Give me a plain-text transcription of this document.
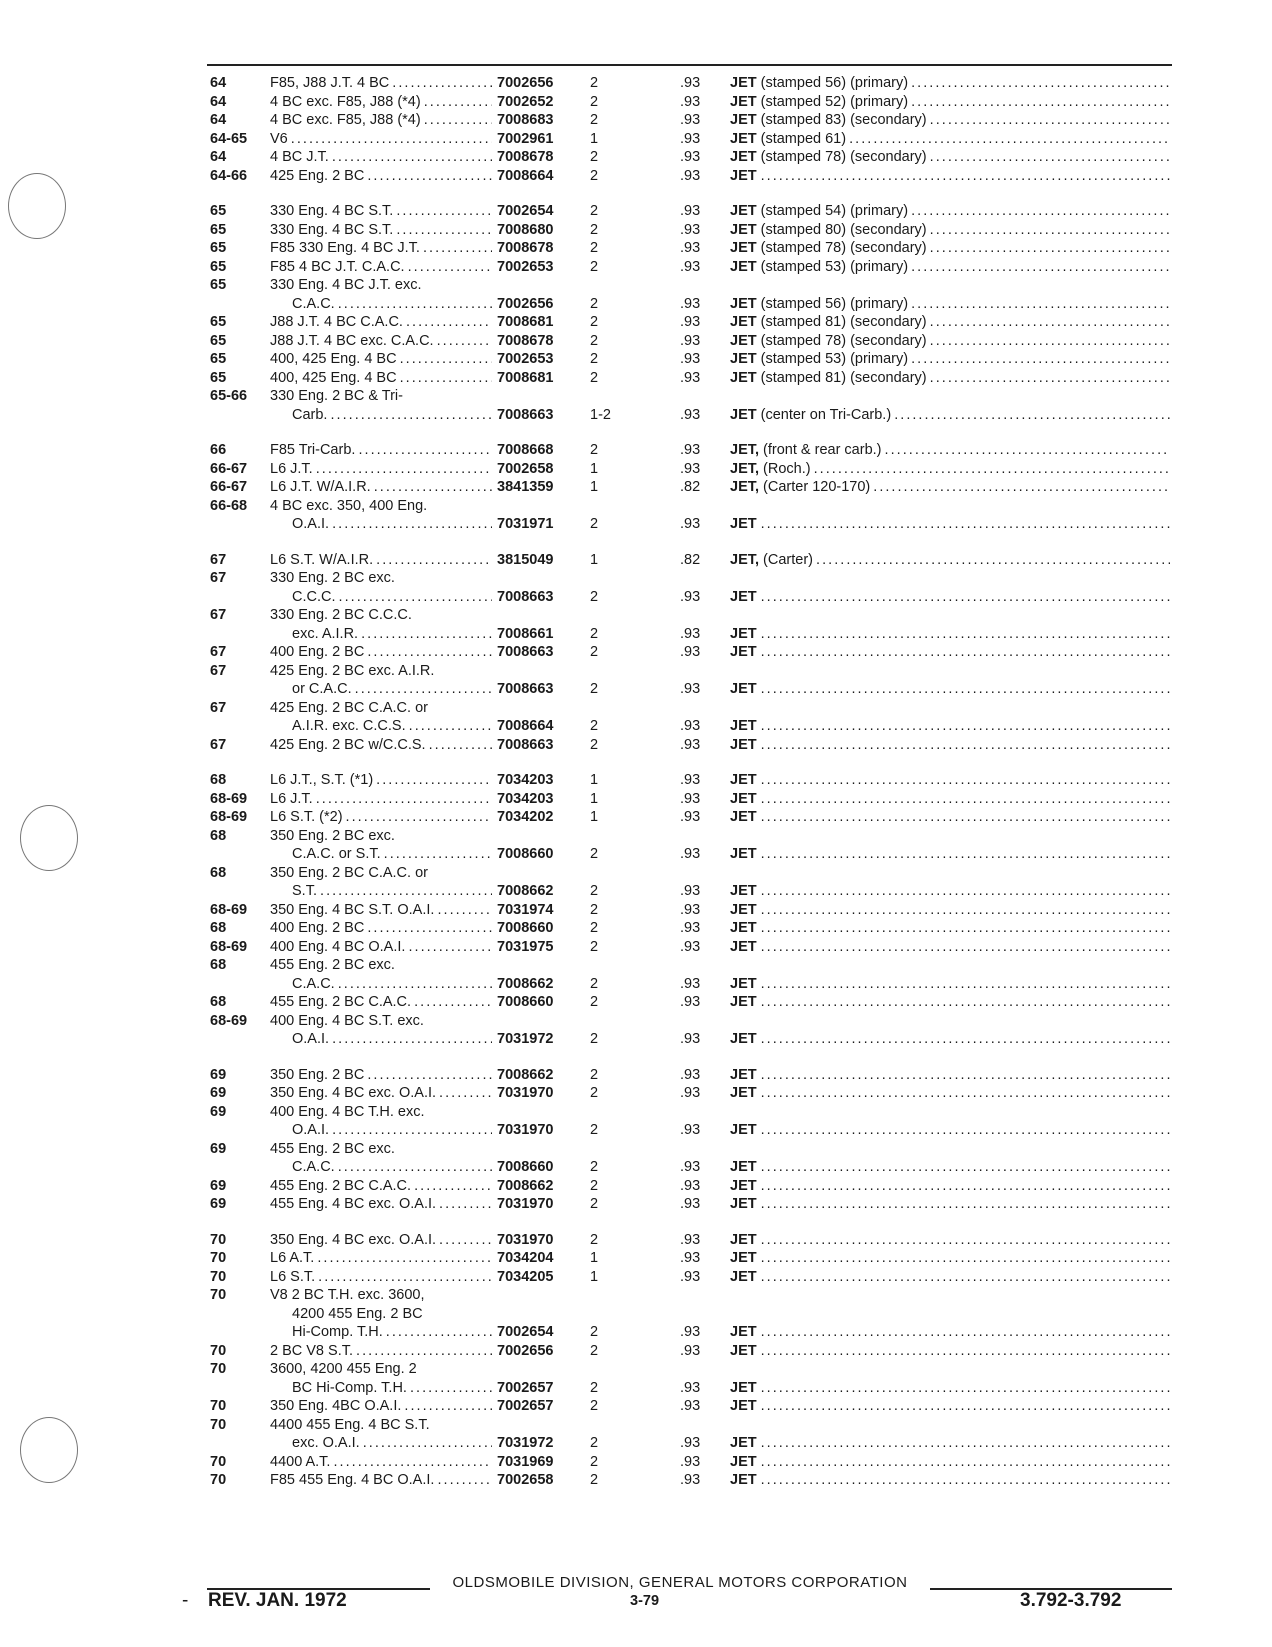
64	F85, J88 J.T. 4 BC . . .	7002656	2	.93 JET (stamped 56) (primary) . . .
64	4 BC exc. F85, J88 (*4) . . .	7002652	2	.93 JET (stamped 52) (primary) . . .
64	4 BC exc. F85, J88 (*4) . . .	7008683	2	.93 JET (stamped 83) (secondary) . . .
64-65 V6 . . .	7002961	1	.93 JET (stamped 61) . . .
64	4 BC J.T. . . .	7008678	2	.93 JET (stamped 78) (secondary) . . .
64-66 425 Eng. 2 BC . . .	7008664	2	.93 JET . . .
65	330 Eng. 4 BC S.T. . . .	7002654	2	.93 JET (stamped 54) (primary) . . .
65	330 Eng. 4 BC S.T. . . .	7008680	2	.93 JET (stamped 80) (secondary) . . .
65	F85 330 Eng. 4 BC J.T. . . .	7008678	2	.93 JET (stamped 78) (secondary) . . .
65	F85 4 BC J.T. C.A.C. . . .	7002653	2	.93 JET (stamped 53) (primary) . . .
65	330 Eng. 4 BC J.T. exc.
C.A.C. . . .	7002656	2	.93 JET (stamped 56) (primary) . . .
65	J88 J.T. 4 BC C.A.C. . . .	7008681	2	.93 JET (stamped 81) (secondary) . . .
65	J88 J.T. 4 BC exc. C.A.C. . . .	7008678	2	.93 JET (stamped 78) (secondary) . . .
65	400, 425 Eng. 4 BC . . .	7002653	2	.93 JET (stamped 53) (primary) . . .
65	400, 425 Eng. 4 BC . . .	7008681	2	.93 JET (stamped 81) (secondary) . . .
65-66 330 Eng. 2 BC & Tri-
Carb. . . .	7008663	1-2	.93 JET (center on Tri-Carb.) . . .
66	F85 Tri-Carb. . . .	7008668	2	.93 JET, (front & rear carb.) . . .
66-67 L6 J.T. . . .	7002658	1	.93 JET, (Roch.) . . .
66-67 L6 J.T. W/A.I.R. . . .	3841359	1	.82 JET, (Carter 120-170) . . .
66-68 4 BC exc. 350, 400 Eng.
O.A.I. . . .	7031971	2	.93 JET . . .
67	L6 S.T. W/A.I.R. . . .	3815049	1	.82 JET, (Carter) . . .
67	330 Eng. 2 BC exc.
C.C.C. . . .	7008663	2	.93 JET . . .
67	330 Eng. 2 BC C.C.C.
exc. A.I.R. . . .	7008661	2	.93 JET . . .
67	400 Eng. 2 BC . . .	7008663	2	.93 JET . . .
67	425 Eng. 2 BC exc. A.I.R.
or C.A.C. . . .	7008663	2	.93 JET . . .
67	425 Eng. 2 BC C.A.C. or
A.I.R. exc. C.C.S. . . .	7008664	2	.93 JET . . .
67	425 Eng. 2 BC w/C.C.S. . . .	7008663	2	.93 JET . . .
68	L6 J.T., S.T. (*1) . . .	7034203	1	.93 JET . . .
68-69 L6 J.T. . . .	7034203	1	.93 JET . . .
68-69 L6 S.T. (*2) . . .	7034202	1	.93 JET . . .
68	350 Eng. 2 BC exc.
C.A.C. or S.T. . . .	7008660	2	.93 JET . . .
68	350 Eng. 2 BC C.A.C. or
S.T. . . .	7008662	2	.93 JET . . .
68-69 350 Eng. 4 BC S.T. O.A.I. . . .	7031974	2	.93 JET . . .
68	400 Eng. 2 BC . . .	7008660	2	.93 JET . . .
68-69 400 Eng. 4 BC O.A.I. . . .	7031975	2	.93 JET . . .
68	455 Eng. 2 BC exc.
C.A.C. . . .	7008662	2	.93 JET . . .
68	455 Eng. 2 BC C.A.C. . . .	7008660	2	.93 JET . . .
68-69 400 Eng. 4 BC S.T. exc.
O.A.I. . . .	7031972	2	.93 JET . . .
69	350 Eng. 2 BC . . .	7008662	2	.93 JET . . .
69	350 Eng. 4 BC exc. O.A.I. . . .	7031970	2	.93 JET . . .
69	400 Eng. 4 BC T.H. exc.
O.A.I. . . .	7031970	2	.93 JET . . .
69	455 Eng. 2 BC exc.
C.A.C. . . .	7008660	2	.93 JET . . .
69	455 Eng. 2 BC C.A.C. . . .	7008662	2	.93 JET . . .
69	455 Eng. 4 BC exc. O.A.I. . . .	7031970	2	.93 JET . . .
70	350 Eng. 4 BC exc. O.A.I. . . .	7031970	2	.93 JET . . .
70	L6 A.T. . . .	7034204	1	.93 JET . . .
70	L6 S.T. . . .	7034205	1	.93 JET . . .
70	V8 2 BC T.H. exc. 3600,
4200 455 Eng. 2 BC
Hi-Comp. T.H. . . .	7002654	2	.93 JET . . .
70	2 BC V8 S.T. . . .	7002656	2	.93 JET . . .
70	3600, 4200 455 Eng. 2
BC Hi-Comp. T.H. . . .	7002657	2	.93 JET . . .
70	350 Eng. 4BC O.A.I. . . .	7002657	2	.93 JET . . .
70	4400 455 Eng. 4 BC S.T.
exc. O.A.I. . . .	7031972	2	.93 JET . . .
70	4400 A.T. . . .	7031969	2	.93 JET . . .
70	F85 455 Eng. 4 BC O.A.I. . . .	7002658	2	.93 JET . . .
OLDSMOBILE DIVISION, GENERAL MOTORS CORPORATION
- REV. JAN. 1972	3-79	3.792-3.792
